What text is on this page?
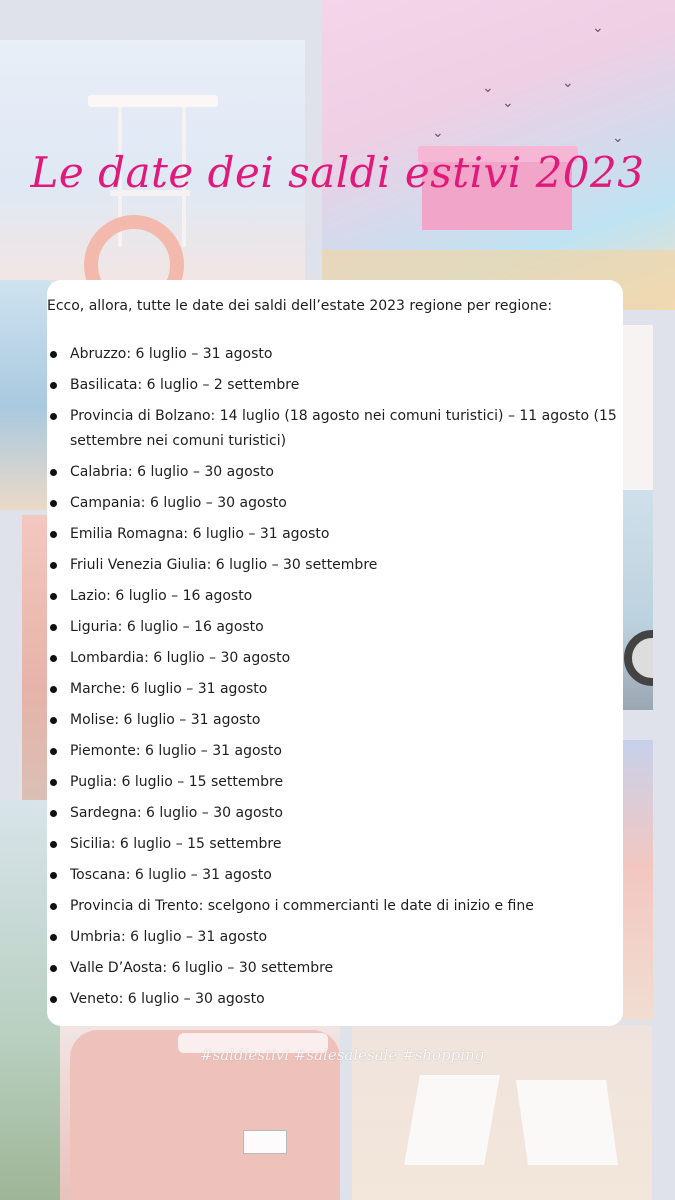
⌄
⌄
⌄
⌄
⌄
⌄
Le date dei saldi estivi 2023
Ecco, allora, tutte le date dei saldi dell’estate 2023 regione per regione:
Abruzzo: 6 luglio – 31 agosto
Basilicata: 6 luglio – 2 settembre
Provincia di Bolzano: 14 luglio (18 agosto nei comuni turistici) – 11 agosto (15 settembre nei comuni turistici)
Calabria: 6 luglio – 30 agosto
Campania: 6 luglio – 30 agosto
Emilia Romagna: 6 luglio – 31 agosto
Friuli Venezia Giulia: 6 luglio – 30 settembre
Lazio: 6 luglio – 16 agosto
Liguria: 6 luglio – 16 agosto
Lombardia: 6 luglio – 30 agosto
Marche: 6 luglio – 31 agosto
Molise: 6 luglio – 31 agosto
Piemonte: 6 luglio – 31 agosto
Puglia: 6 luglio – 15 settembre
Sardegna: 6 luglio – 30 agosto
Sicilia: 6 luglio – 15 settembre
Toscana: 6 luglio – 31 agosto
Provincia di Trento: scelgono i commercianti le date di inizio e fine
Umbria: 6 luglio – 31 agosto
Valle D’Aosta: 6 luglio – 30 settembre
Veneto: 6 luglio – 30 agosto
#saldiestivi #salesalesale #shopping
